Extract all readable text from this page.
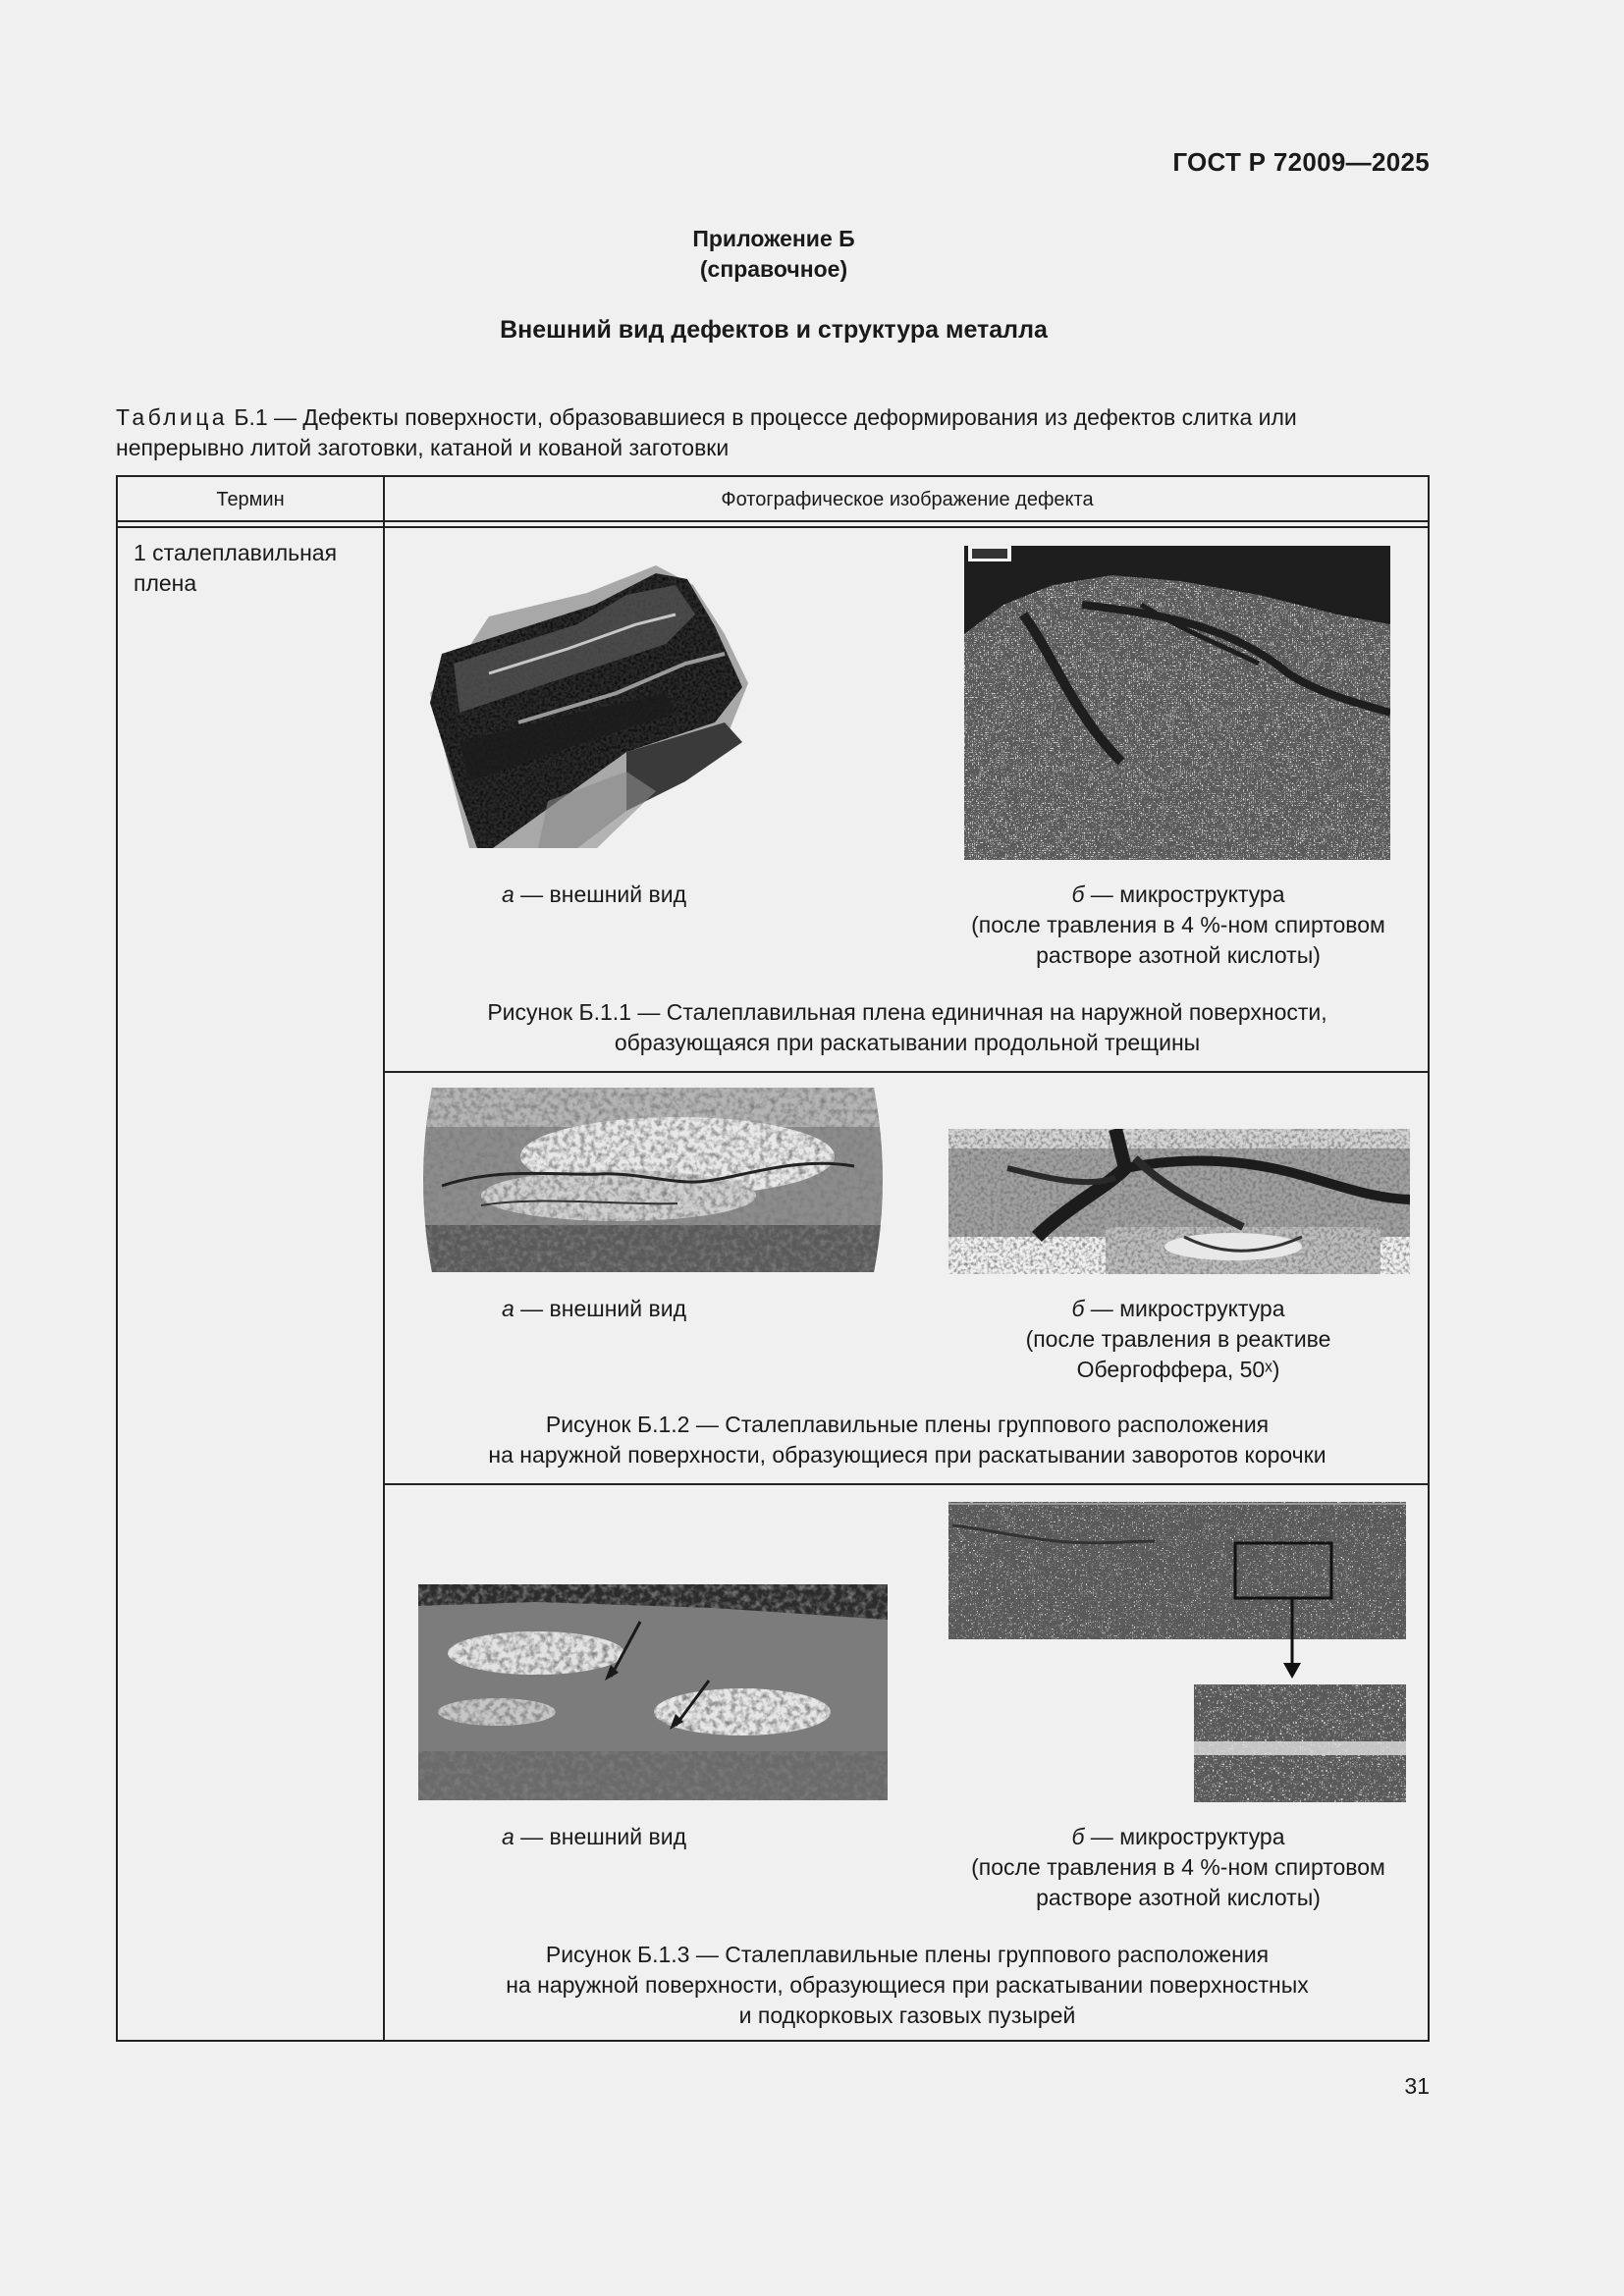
ГОСТ Р 72009—2025
Приложение Б
(справочное)
Внешний вид дефектов и структура металла
Таблица Б.1 — Дефекты поверхности, образовавшиеся в процессе деформирования из дефектов слитка или
непрерывно литой заготовки, катаной и кованой заготовки
Термин	Фотографическое изображение дефекта
1 сталеплавильная
плена
а — внешний вид	б — микроструктура
(после травления в 4 %-ном спиртовом
растворе азотной кислоты)
Рисунок Б.1.1 — Сталеплавильная плена единичная на наружной поверхности,
образующаяся при раскатывании продольной трещины
а — внешний вид	б — микроструктура
(после травления в реактиве
Обергоффера, 50ˣ)
Рисунок Б.1.2 — Сталеплавильные плены группового расположения
на наружной поверхности, образующиеся при раскатывании заворотов корочки
а — внешний вид	б — микроструктура
(после травления в 4 %-ном спиртовом
растворе азотной кислоты)
Рисунок Б.1.3 — Сталеплавильные плены группового расположения
на наружной поверхности, образующиеся при раскатывании поверхностных
и подкорковых газовых пузырей
31
